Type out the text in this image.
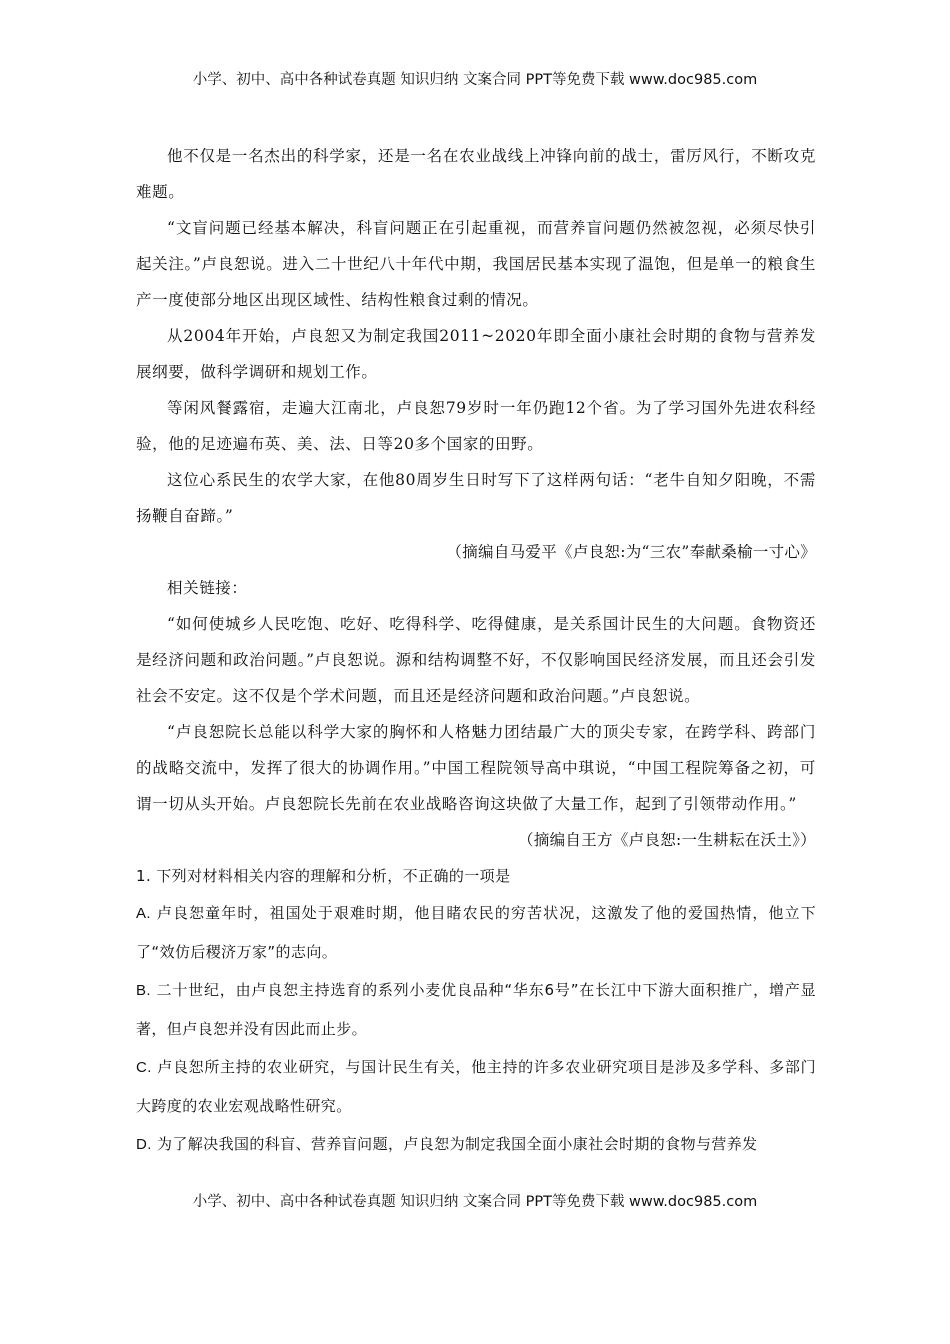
小学、初中、高中各种试卷真题 知识归纳 文案合同 PPT等免费下载 www.doc985.com

他不仅是一名杰出的科学家，还是一名在农业战线上冲锋向前的战士，雷厉风行，不断攻克难题。

“文盲问题已经基本解决，科盲问题正在引起重视，而营养盲问题仍然被忽视，必须尽快引起关注。”卢良恕说。进入二十世纪八十年代中期，我国居民基本实现了温饱，但是单一的粮食生产一度使部分地区出现区域性、结构性粮食过剩的情况。

从2004年开始，卢良恕又为制定我国2011~2020年即全面小康社会时期的食物与营养发展纲要，做科学调研和规划工作。

等闲风餐露宿，走遍大江南北，卢良恕79岁时一年仍跑12个省。为了学习国外先进农科经验，他的足迹遍布英、美、法、日等20多个国家的田野。

这位心系民生的农学大家，在他80周岁生日时写下了这样两句话：“老牛自知夕阳晚，不需扬鞭自奋蹄。”

（摘编自马爱平《卢良恕:为“三农”奉献桑榆一寸心》

相关链接：

“如何使城乡人民吃饱、吃好、吃得科学、吃得健康，是关系国计民生的大问题。食物资还是经济问题和政治问题。”卢良恕说。源和结构调整不好，不仅影响国民经济发展，而且还会引发社会不安定。这不仅是个学术问题，而且还是经济问题和政治问题。”卢良恕说。

“卢良恕院长总能以科学大家的胸怀和人格魅力团结最广大的顶尖专家，在跨学科、跨部门的战略交流中，发挥了很大的协调作用。”中国工程院领导高中琪说，“中国工程院筹备之初，可谓一切从头开始。卢良恕院长先前在农业战略咨询这块做了大量工作，起到了引领带动作用。”

（摘编自王方《卢良恕:一生耕耘在沃土》）

1. 下列对材料相关内容的理解和分析，不正确的一项是

A. 卢良恕童年时，祖国处于艰难时期，他目睹农民的穷苦状况，这激发了他的爱国热情，他立下了“效仿后稷济万家”的志向。

B. 二十世纪，由卢良恕主持选育的系列小麦优良品种“华东6号”在长江中下游大面积推广，增产显著，但卢良恕并没有因此而止步。

C. 卢良恕所主持的农业研究，与国计民生有关，他主持的许多农业研究项目是涉及多学科、多部门大跨度的农业宏观战略性研究。

D. 为了解决我国的科盲、营养盲问题，卢良恕为制定我国全面小康社会时期的食物与营养发

小学、初中、高中各种试卷真题 知识归纳 文案合同 PPT等免费下载 www.doc985.com
